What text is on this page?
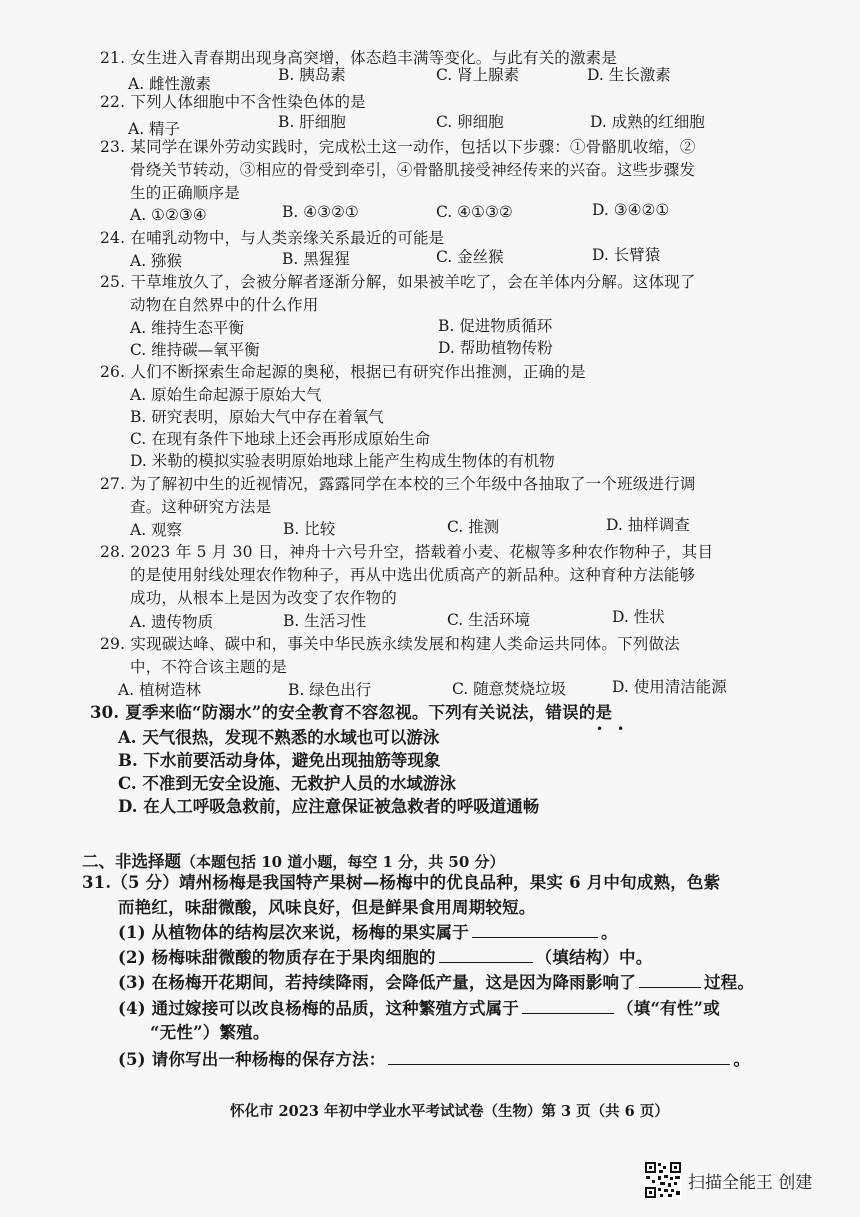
21. 女生进入青春期出现身高突增，体态趋丰满等变化。与此有关的激素是
A. 雌性激素	B. 胰岛素	C. 肾上腺素	D. 生长激素
22. 下列人体细胞中不含性染色体的是
A. 精子	B. 肝细胞	C. 卵细胞	D. 成熟的红细胞
23. 某同学在课外劳动实践时，完成松土这一动作，包括以下步骤：①骨骼肌收缩，②
骨绕关节转动，③相应的骨受到牵引，④骨骼肌接受神经传来的兴奋。这些步骤发
生的正确顺序是
A. ①②③④	B. ④③②①	C. ④①③②	D. ③④②①
24. 在哺乳动物中，与人类亲缘关系最近的可能是
A. 猕猴	B. 黑猩猩	C. 金丝猴	D. 长臂猿
25. 干草堆放久了，会被分解者逐渐分解，如果被羊吃了，会在羊体内分解。这体现了
动物在自然界中的什么作用
A. 维持生态平衡	B. 促进物质循环
C. 维持碳—氧平衡	D. 帮助植物传粉
26. 人们不断探索生命起源的奥秘，根据已有研究作出推测，正确的是
A. 原始生命起源于原始大气
B. 研究表明，原始大气中存在着氧气
C. 在现有条件下地球上还会再形成原始生命
D. 米勒的模拟实验表明原始地球上能产生构成生物体的有机物
27. 为了解初中生的近视情况，露露同学在本校的三个年级中各抽取了一个班级进行调
查。这种研究方法是
A. 观察	B. 比较	C. 推测	D. 抽样调查
28. 2023 年 5 月 30 日，神舟十六号升空，搭载着小麦、花椒等多种农作物种子，其目
的是使用射线处理农作物种子，再从中选出优质高产的新品种。这种育种方法能够
成功，从根本上是因为改变了农作物的
A. 遗传物质	B. 生活习性	C. 生活环境	D. 性状
29. 实现碳达峰、碳中和，事关中华民族永续发展和构建人类命运共同体。下列做法
中，不符合该主题的是
A. 植树造林	B. 绿色出行	C. 随意焚烧垃圾	D. 使用清洁能源
30. 夏季来临“防溺水”的安全教育不容忽视。下列有关说法，错误的是
••
A. 天气很热，发现不熟悉的水域也可以游泳
B. 下水前要活动身体，避免出现抽筋等现象
C. 不准到无安全设施、无救护人员的水域游泳
D. 在人工呼吸急救前，应注意保证被急救者的呼吸道通畅
二、非选择题（本题包括 10 道小题，每空 1 分，共 50 分）
31.（5 分）靖州杨梅是我国特产果树—杨梅中的优良品种，果实 6 月中旬成熟，色紫
而艳红，味甜微酸，风味良好，但是鲜果食用周期较短。
(1) 从植物体的结构层次来说，杨梅的果实属于	。
(2) 杨梅味甜微酸的物质存在于果肉细胞的	（填结构）中。
(3) 在杨梅开花期间，若持续降雨，会降低产量，这是因为降雨影响了	过程。
(4) 通过嫁接可以改良杨梅的品质，这种繁殖方式属于	（填“有性”或
“无性”）繁殖。
(5) 请你写出一种杨梅的保存方法：	。
怀化市 2023 年初中学业水平考试试卷（生物）第 3 页（共 6 页）
扫描全能王 创建
